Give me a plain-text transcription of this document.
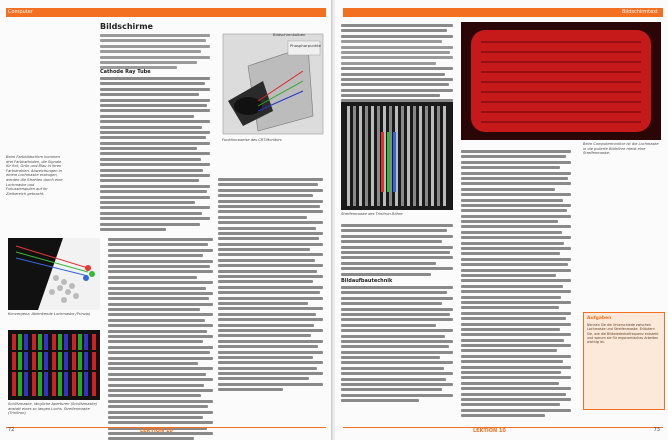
Computer
Beim Farbbildschirm kommen drei Farbkathoden, die Signale für Rot, Grün und Blau in ihren Farbstrahlen. Abweichungen in einem Lochmaske erzeugen, werden die Strahlen durch eine Lochmaske und Fokussierspulen auf ihr Zielbereich gebracht.
Bildschirme
Cathode Ray Tube
Bildschirmkolben
Phosphorpunkte
Funktionsweise des CRT-Monitors
Konvergenz: Ablenkende Lochmaske (Prinzip)
Schlitzmaske, längliche Aperturen (Schlitzmaske) anstatt eines so langen Lochs. Streifenmaske (Trinitron)
72	LEKTION 10
Bildschirmtext
Streifenmaske des Trinitron-Röhre
Bildaufbautechnik
Beim Computermonitor ist die Lochmaske in die polierte Bildröhre meist eine Streifenmaske.
Aufgaben
Nennen Sie die Unterschiede zwischen Lochmaske und Streifenmaske. Erläutern Sie, wie die Bildwiederholfrequenz entsteht und warum sie für ergonomisches Arbeiten wichtig ist.
LEKTION 10	73
